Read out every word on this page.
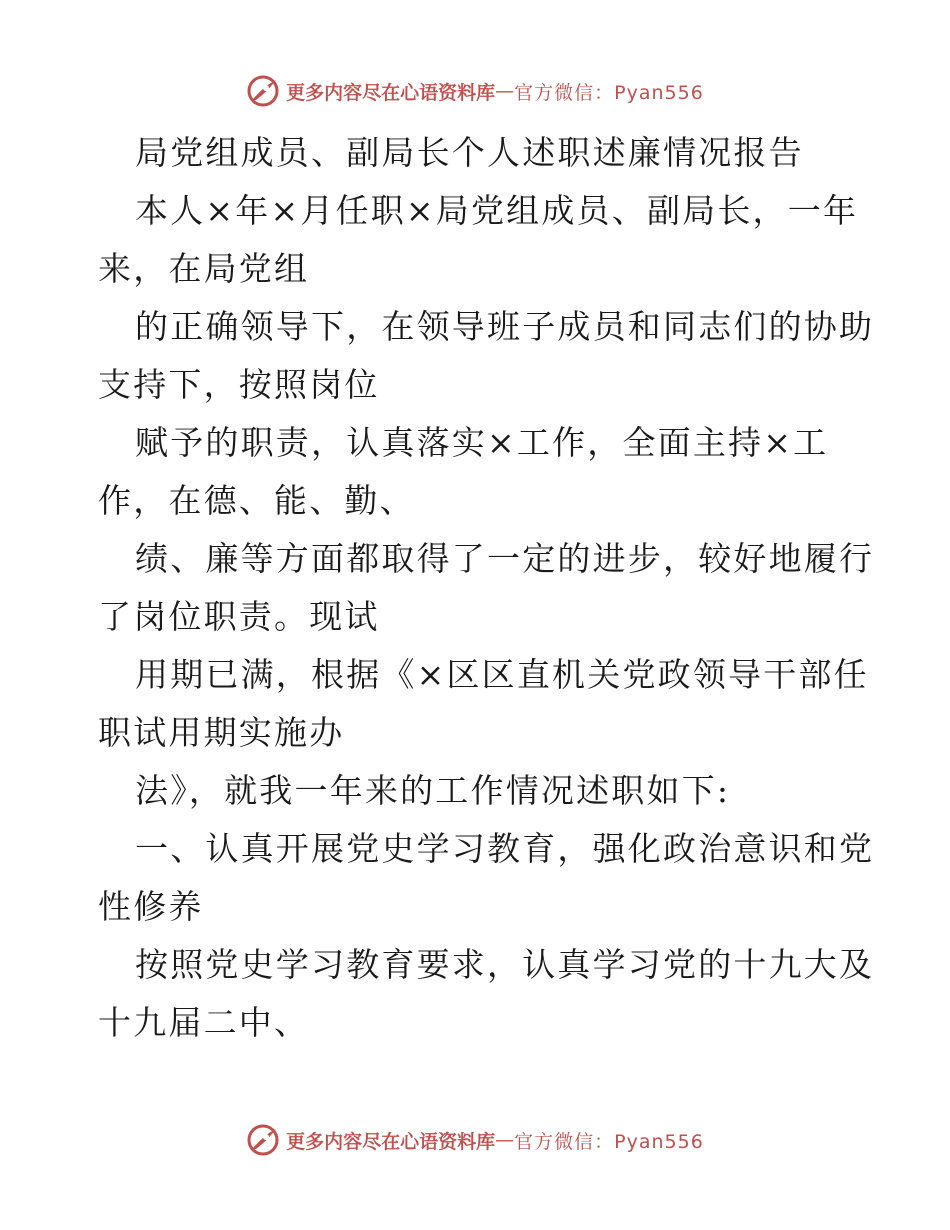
更多内容尽在心语资料库 — 官方微信：Pyan556
局党组成员、副局长个人述职述廉情况报告
本人×年×月任职×局党组成员、副局长，一年
来，在局党组
的正确领导下，在领导班子成员和同志们的协助
支持下，按照岗位
赋予的职责，认真落实×工作，全面主持×工
作，在德、能、勤、
绩、廉等方面都取得了一定的进步，较好地履行
了岗位职责。现试
用期已满，根据《×区区直机关党政领导干部任
职试用期实施办
法》，就我一年来的工作情况述职如下:
一、认真开展党史学习教育，强化政治意识和党
性修养
按照党史学习教育要求，认真学习党的十九大及
十九届二中、
更多内容尽在心语资料库 — 官方微信：Pyan556
